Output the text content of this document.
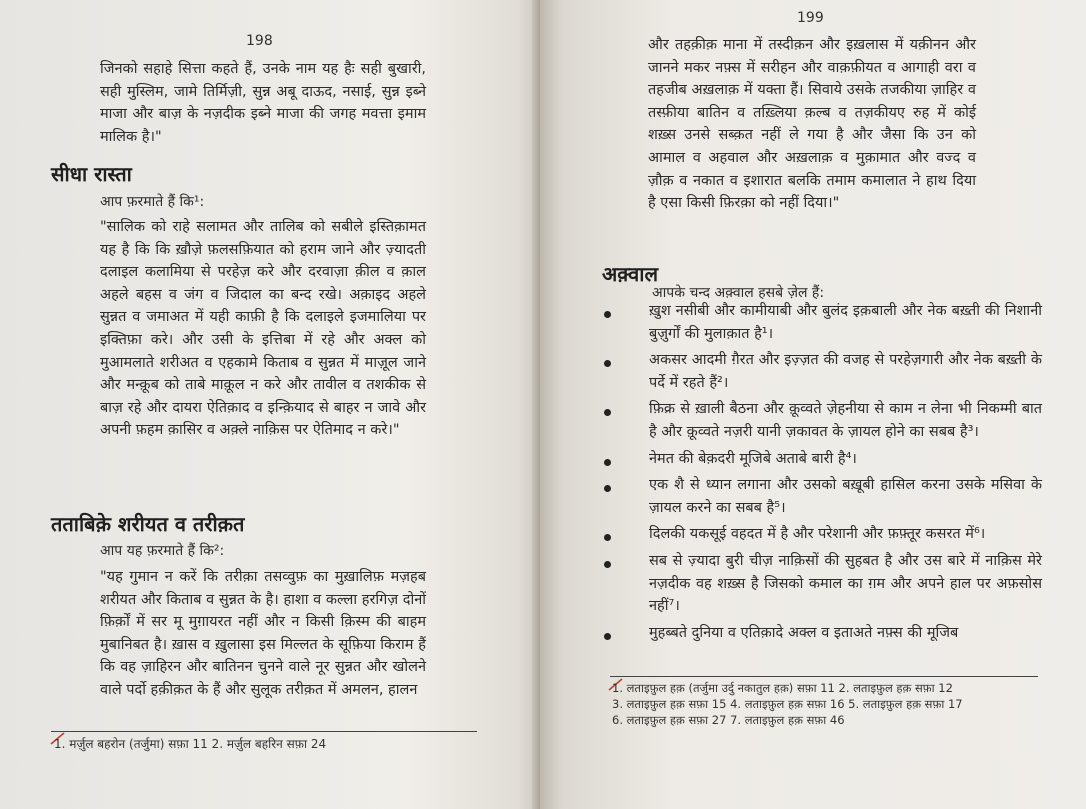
198

जिनको सहाहे सित्ता कहते हैं, उनके नाम यह हैः सही बुखारी, सही मुस्लिम, जामे तिर्मिज़ी, सुन्न अबू दाऊद, नसाई, सुन्न इब्ने माजा और बाज़ के नज़दीक इब्ने माजा की जगह मवत्ता इमाम मालिक है।"

सीधा रास्ता

आप फ़रमाते हैं कि¹:

"सालिक को राहे सलामत और तालिब को सबीले इस्तिक़ामत यह है कि कि ख़ौज़े फ़लसफ़ियात को हराम जाने और ज़्यादती दलाइल कलामिया से परहेज़ करे और दरवाज़ा क़ील व क़ाल अहले बहस व जंग व जिदाल का बन्द रखे। अक़ाइद अहले सुन्नत व जमाअत में यही काफ़ी है कि दलाइले इजमालिया पर इक्तिफ़ा करे। और उसी के इत्तिबा में रहे और अक्ल को मुआमलाते शरीअत व एहकामे किताब व सुन्नत में माज़ूल जाने और मन्क़ूब को ताबे माक़ूल न करे और तावील व तशकीक से बाज़ रहे और दायरा ऐतिक़ाद व इन्क़ियाद से बाहर न जावे और अपनी फ़हम क़ासिर व अक़्ले नाक़िस पर ऐतिमाद न करे।"

तताबिक़े शरीयत व तरीक़त

आप यह फ़रमाते हैं कि²:

"यह गुमान न करें कि तरीक़ा तसव्वुफ़ का मुख़ालिफ़ मज़हब शरीयत और किताब व सुन्नत के है। हाशा व कल्ला हरगिज़ दोनों फ़िर्क़ों में सर मू मुग़ायरत नहीं और न किसी क़िस्म की बाहम मुबानिबत है। ख़ास व ख़ुलासा इस मिल्लत के सूफ़िया किराम हैं कि वह ज़ाहिरन और बातिनन चुनने वाले नूर सुन्नत और खोलने वाले पर्दो हक़ीक़त के हैं और सुलूक तरीक़त में अमलन, हालन

1. मर्ज़ुल बहरोन (तर्जुमा) सफ़ा 11 2. मर्ज़ुल बहरिन सफ़ा 24

199

और तहक़ीक़ माना में तस्दीक़न और इख़लास में यक़ीनन और जानने मकर नफ़्स में सरीहन और वाक़फ़ीयत व आगाही वरा व तहजीब अख़लाक़ में यक्ता हैं। सिवाये उसके तजकीया ज़ाहिर व तस्फ़ीया बातिन व तख़्लिया क़ल्ब व तज़कीयए रुह में कोई शख़्स उनसे सब्क़त नहीं ले गया है और जैसा कि उन को आमाल व अहवाल और अख़लाक़ व मुक़ामात और वज्द व ज़ौक़ व नकात व इशारात बलकि तमाम कमालात ने हाथ दिया है एसा किसी फ़िरक़ा को नहीं दिया।"

अक़्वाल

आपके चन्द अक़्वाल हसबे ज़ेल हैं:

ख़ुश नसीबी और कामीयाबी और बुलंद इक़बाली और नेक बख़्ती की निशानी बुज़ुर्गों की मुलाक़ात है¹।
अकसर आदमी ग़ैरत और इज़्ज़त की वजह से परहेज़गारी और नेक बख़्ती के पर्दे में रहते हैं²।
फ़िक्र से ख़ाली बैठना और क़ूव्वते ज़ेहनीया से काम न लेना भी निकम्मी बात है और क़ूव्वते नज़री यानी ज़कावत के ज़ायल होने का सबब है³।
नेमत की बेक़दरी मूजिबे अताबे बारी है⁴।
एक शै से ध्यान लगाना और उसको बख़ूबी हासिल करना उसके मसिवा के ज़ायल करने का सबब है⁵।
दिलकी यकसूई वहदत में है और परेशानी और फ़फ़्तूर कसरत में⁶।
सब से ज़्यादा बुरी चीज़ नाक़िसों की सुहबत है और उस बारे में नाक़िस मेरे नज़दीक वह शख़्स है जिसको कमाल का ग़म और अपने हाल पर अफ़सोस नहीं⁷।
मुहब्बते दुनिया व एतिक़ादे अक्ल व इताअते नफ़्स की मूजिब

1. लताइफ़ुल हक़ (तर्जुमा उर्दु नकातुल हक़) सफ़ा 11 2. लताइफ़ुल हक़ सफ़ा 12

3. लताइफ़ुल हक़ सफ़ा 15 4. लताइफ़ुल हक़ सफ़ा 16 5. लताइफ़ुल हक़ सफ़ा 17

6. लताइफ़ुल हक़ सफ़ा 27 7. लताइफ़ुल हक़ सफ़ा 46
